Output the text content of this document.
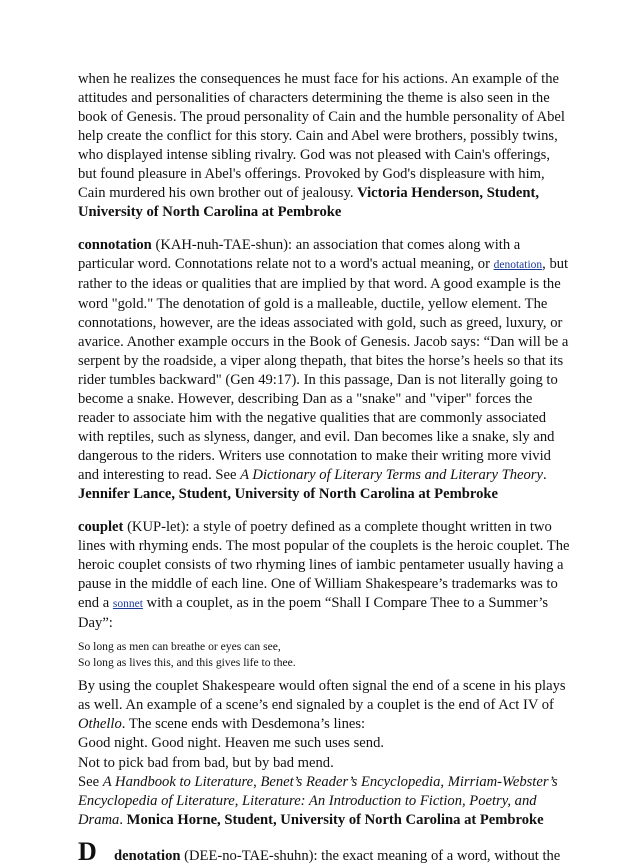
when he realizes the consequences he must face for his actions. An example of the attitudes and personalities of characters determining the theme is also seen in the book of Genesis. The proud personality of Cain and the humble personality of Abel help create the conflict for this story. Cain and Abel were brothers, possibly twins, who displayed intense sibling rivalry. God was not pleased with Cain's offerings, but found pleasure in Abel's offerings. Provoked by God's displeasure with him, Cain murdered his own brother out of jealousy. Victoria Henderson, Student, University of North Carolina at Pembroke

connotation (KAH-nuh-TAE-shun): an association that comes along with a particular word. Connotations relate not to a word's actual meaning, or denotation, but rather to the ideas or qualities that are implied by that word. A good example is the word "gold." The denotation of gold is a malleable, ductile, yellow element. The connotations, however, are the ideas associated with gold, such as greed, luxury, or avarice. Another example occurs in the Book of Genesis. Jacob says: “Dan will be a serpent by the roadside, a viper along thepath, that bites the horse’s heels so that its rider tumbles backward" (Gen 49:17). In this passage, Dan is not literally going to become a snake. However, describing Dan as a "snake" and "viper" forces the reader to associate him with the negative qualities that are commonly associated with reptiles, such as slyness, danger, and evil. Dan becomes like a snake, sly and dangerous to the riders. Writers use connotation to make their writing more vivid and interesting to read. See A Dictionary of Literary Terms and Literary Theory. Jennifer Lance, Student, University of North Carolina at Pembroke

couplet (KUP-let): a style of poetry defined as a complete thought written in two lines with rhyming ends. The most popular of the couplets is the heroic couplet. The heroic couplet consists of two rhyming lines of iambic pentameter usually having a pause in the middle of each line. One of William Shakespeare’s trademarks was to end a sonnet with a couplet, as in the poem “Shall I Compare Thee to a Summer’s Day”:

So long as men can breathe or eyes can see,
So long as lives this, and this gives life to thee.

By using the couplet Shakespeare would often signal the end of a scene in his plays as well. An example of a scene’s end signaled by a couplet is the end of Act IV of Othello. The scene ends with Desdemona’s lines:

Good night. Good night. Heaven me such uses send.

Not to pick bad from bad, but by bad mend.

See A Handbook to Literature, Benet’s Reader’s Encyclopedia, Mirriam-Webster’s Encyclopedia of Literature, Literature: An Introduction to Fiction, Poetry, and Drama. Monica Horne, Student, University of North Carolina at Pembroke

D	denotation (DEE-no-TAE-shuhn): the exact meaning of a word, without the
